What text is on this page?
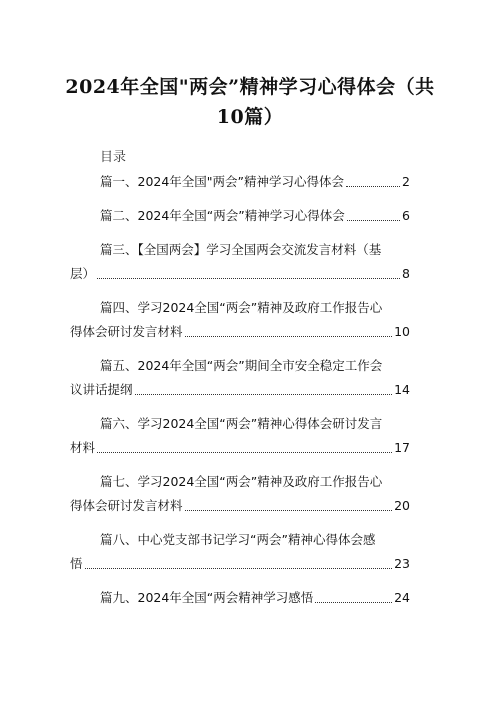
2024年全国"两会”精神学习心得体会（共10篇）
目录
篇一、2024年全国"两会”精神学习心得体会	2
篇二、2024年全国“两会”精神学习心得体会	6
篇三、【全国两会】学习全国两会交流发言材料（基
层）	8
篇四、学习2024全国“两会”精神及政府工作报告心
得体会研讨发言材料	10
篇五、2024年全国“两会”期间全市安全稳定工作会
议讲话提纲	14
篇六、学习2024全国“两会”精神心得体会研讨发言
材料	17
篇七、学习2024全国“两会”精神及政府工作报告心
得体会研讨发言材料	20
篇八、中心党支部书记学习“两会”精神心得体会感
悟	23
篇九、2024年全国“两会精神学习感悟	24
